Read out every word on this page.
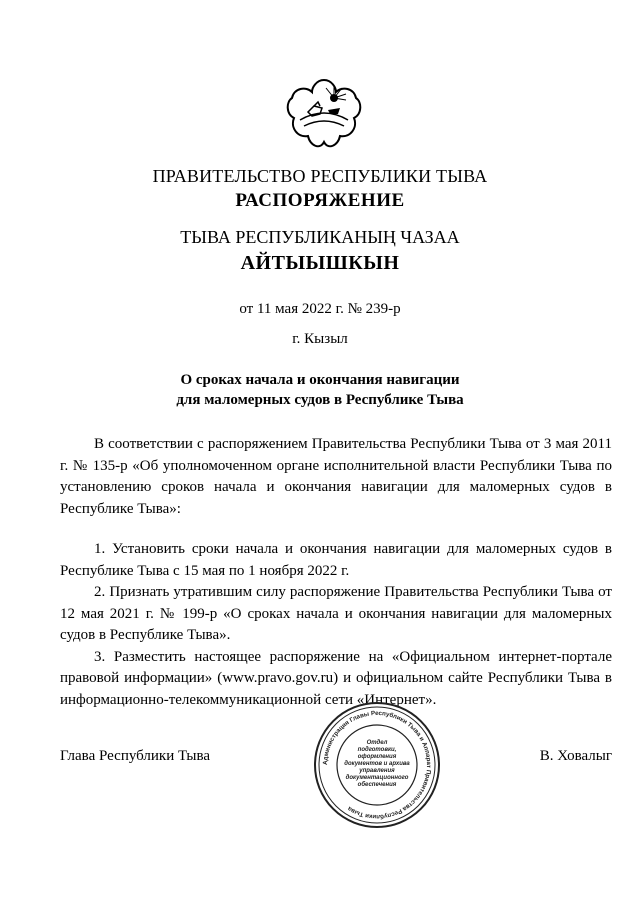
ПРАВИТЕЛЬСТВО РЕСПУБЛИКИ ТЫВА
РАСПОРЯЖЕНИЕ
ТЫВА РЕСПУБЛИКАНЫҢ ЧАЗАА
АЙТЫЫШКЫН
от 11 мая 2022 г. № 239-р
г. Кызыл
О сроках начала и окончания навигации
для маломерных судов в Республике Тыва

В соответствии с распоряжением Правительства Республики Тыва от 3 мая 2011 г. № 135-р «Об уполномоченном органе исполнительной власти Республики Тыва по установлению сроков начала и окончания навигации для маломерных судов в Республике Тыва»:

1. Установить сроки начала и окончания навигации для маломерных судов в Республике Тыва с 15 мая по 1 ноября 2022 г.

2. Признать утратившим силу распоряжение Правительства Республики Тыва от 12 мая 2021 г. № 199-р «О сроках начала и окончания навигации для маломерных судов в Республике Тыва».

3. Разместить настоящее распоряжение на «Официальном интернет-портале правовой информации» (www.pravo.gov.ru) и официальном сайте Республики Тыва в информационно-телекоммуникационной сети «Интернет».

Администрация Главы Республики Тыва и Аппарат Правительства Республики Тыва
Отдел
подготовки,
оформления
документов и архива
управления
документационного
обеспечения
Глава Республики Тыва	В. Ховалыг
